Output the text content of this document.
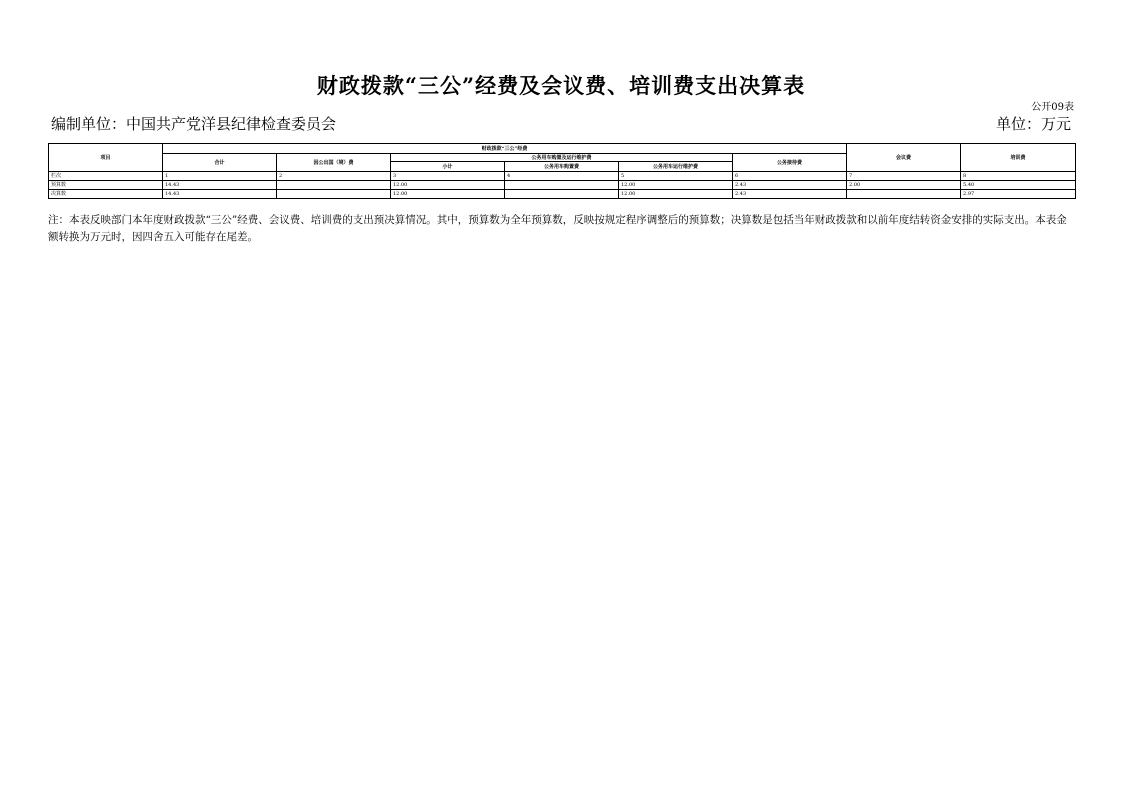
财政拨款“三公”经费及会议费、培训费支出决算表
公开09表
编制单位：中国共产党洋县纪律检查委员会	单位：万元
项目	财政拨款“三公”经费						会议费	培训费
	合计	因公出国（境）费	公务用车购置及运行维护费			公务接待费		
			小计	公务用车购置费	公务用车运行维护费			
栏次	1	2	3	4	5	6	7	8
预算数	14.43		12.00		12.00	2.43	2.00	5.40
决算数	14.43		12.00		12.00	2.43		2.97
注：本表反映部门本年度财政拨款“三公”经费、会议费、培训费的支出预决算情况。其中，预算数为全年预算数，反映按规定程序调整后的预算数；决算数是包括当年财政拨款和以前年度结转资金安排的实际支出。本表金额转换为万元时，因四舍五入可能存在尾差。
